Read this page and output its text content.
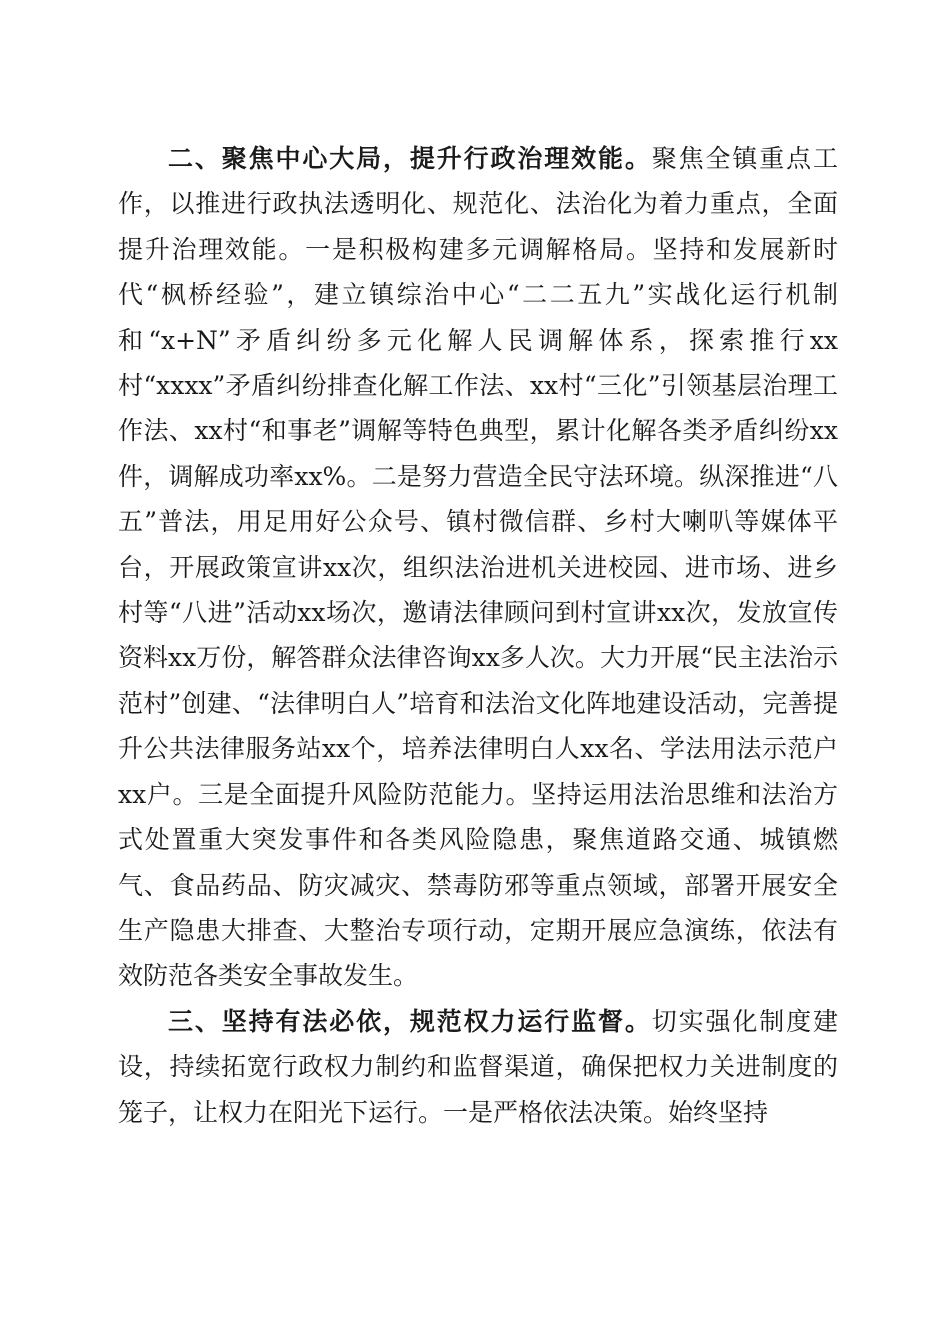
二、聚焦中心大局，提升行政治理效能。聚焦全镇重点工作，以推进行政执法透明化、规范化、法治化为着力重点，全面提升治理效能。一是积极构建多元调解格局。坚持和发展新时代“枫桥经验”，建立镇综治中心“二二五九”实战化运行机制和“x+N”矛盾纠纷多元化解人民调解体系，探索推行xx村“xxxx”矛盾纠纷排查化解工作法、xx村“三化”引领基层治理工作法、xx村“和事老”调解等特色典型，累计化解各类矛盾纠纷xx件，调解成功率xx%。二是努力营造全民守法环境。纵深推进“八五”普法，用足用好公众号、镇村微信群、乡村大喇叭等媒体平台，开展政策宣讲xx次，组织法治进机关进校园、进市场、进乡村等“八进”活动xx场次，邀请法律顾问到村宣讲xx次，发放宣传资料xx万份，解答群众法律咨询xx多人次。大力开展“民主法治示范村”创建、“法律明白人”培育和法治文化阵地建设活动，完善提升公共法律服务站xx个，培养法律明白人xx名、学法用法示范户xx户。三是全面提升风险防范能力。坚持运用法治思维和法治方式处置重大突发事件和各类风险隐患，聚焦道路交通、城镇燃气、食品药品、防灾减灾、禁毒防邪等重点领域，部署开展安全生产隐患大排查、大整治专项行动，定期开展应急演练，依法有效防范各类安全事故发生。

三、坚持有法必依，规范权力运行监督。切实强化制度建设，持续拓宽行政权力制约和监督渠道，确保把权力关进制度的笼子，让权力在阳光下运行。一是严格依法决策。始终坚持
